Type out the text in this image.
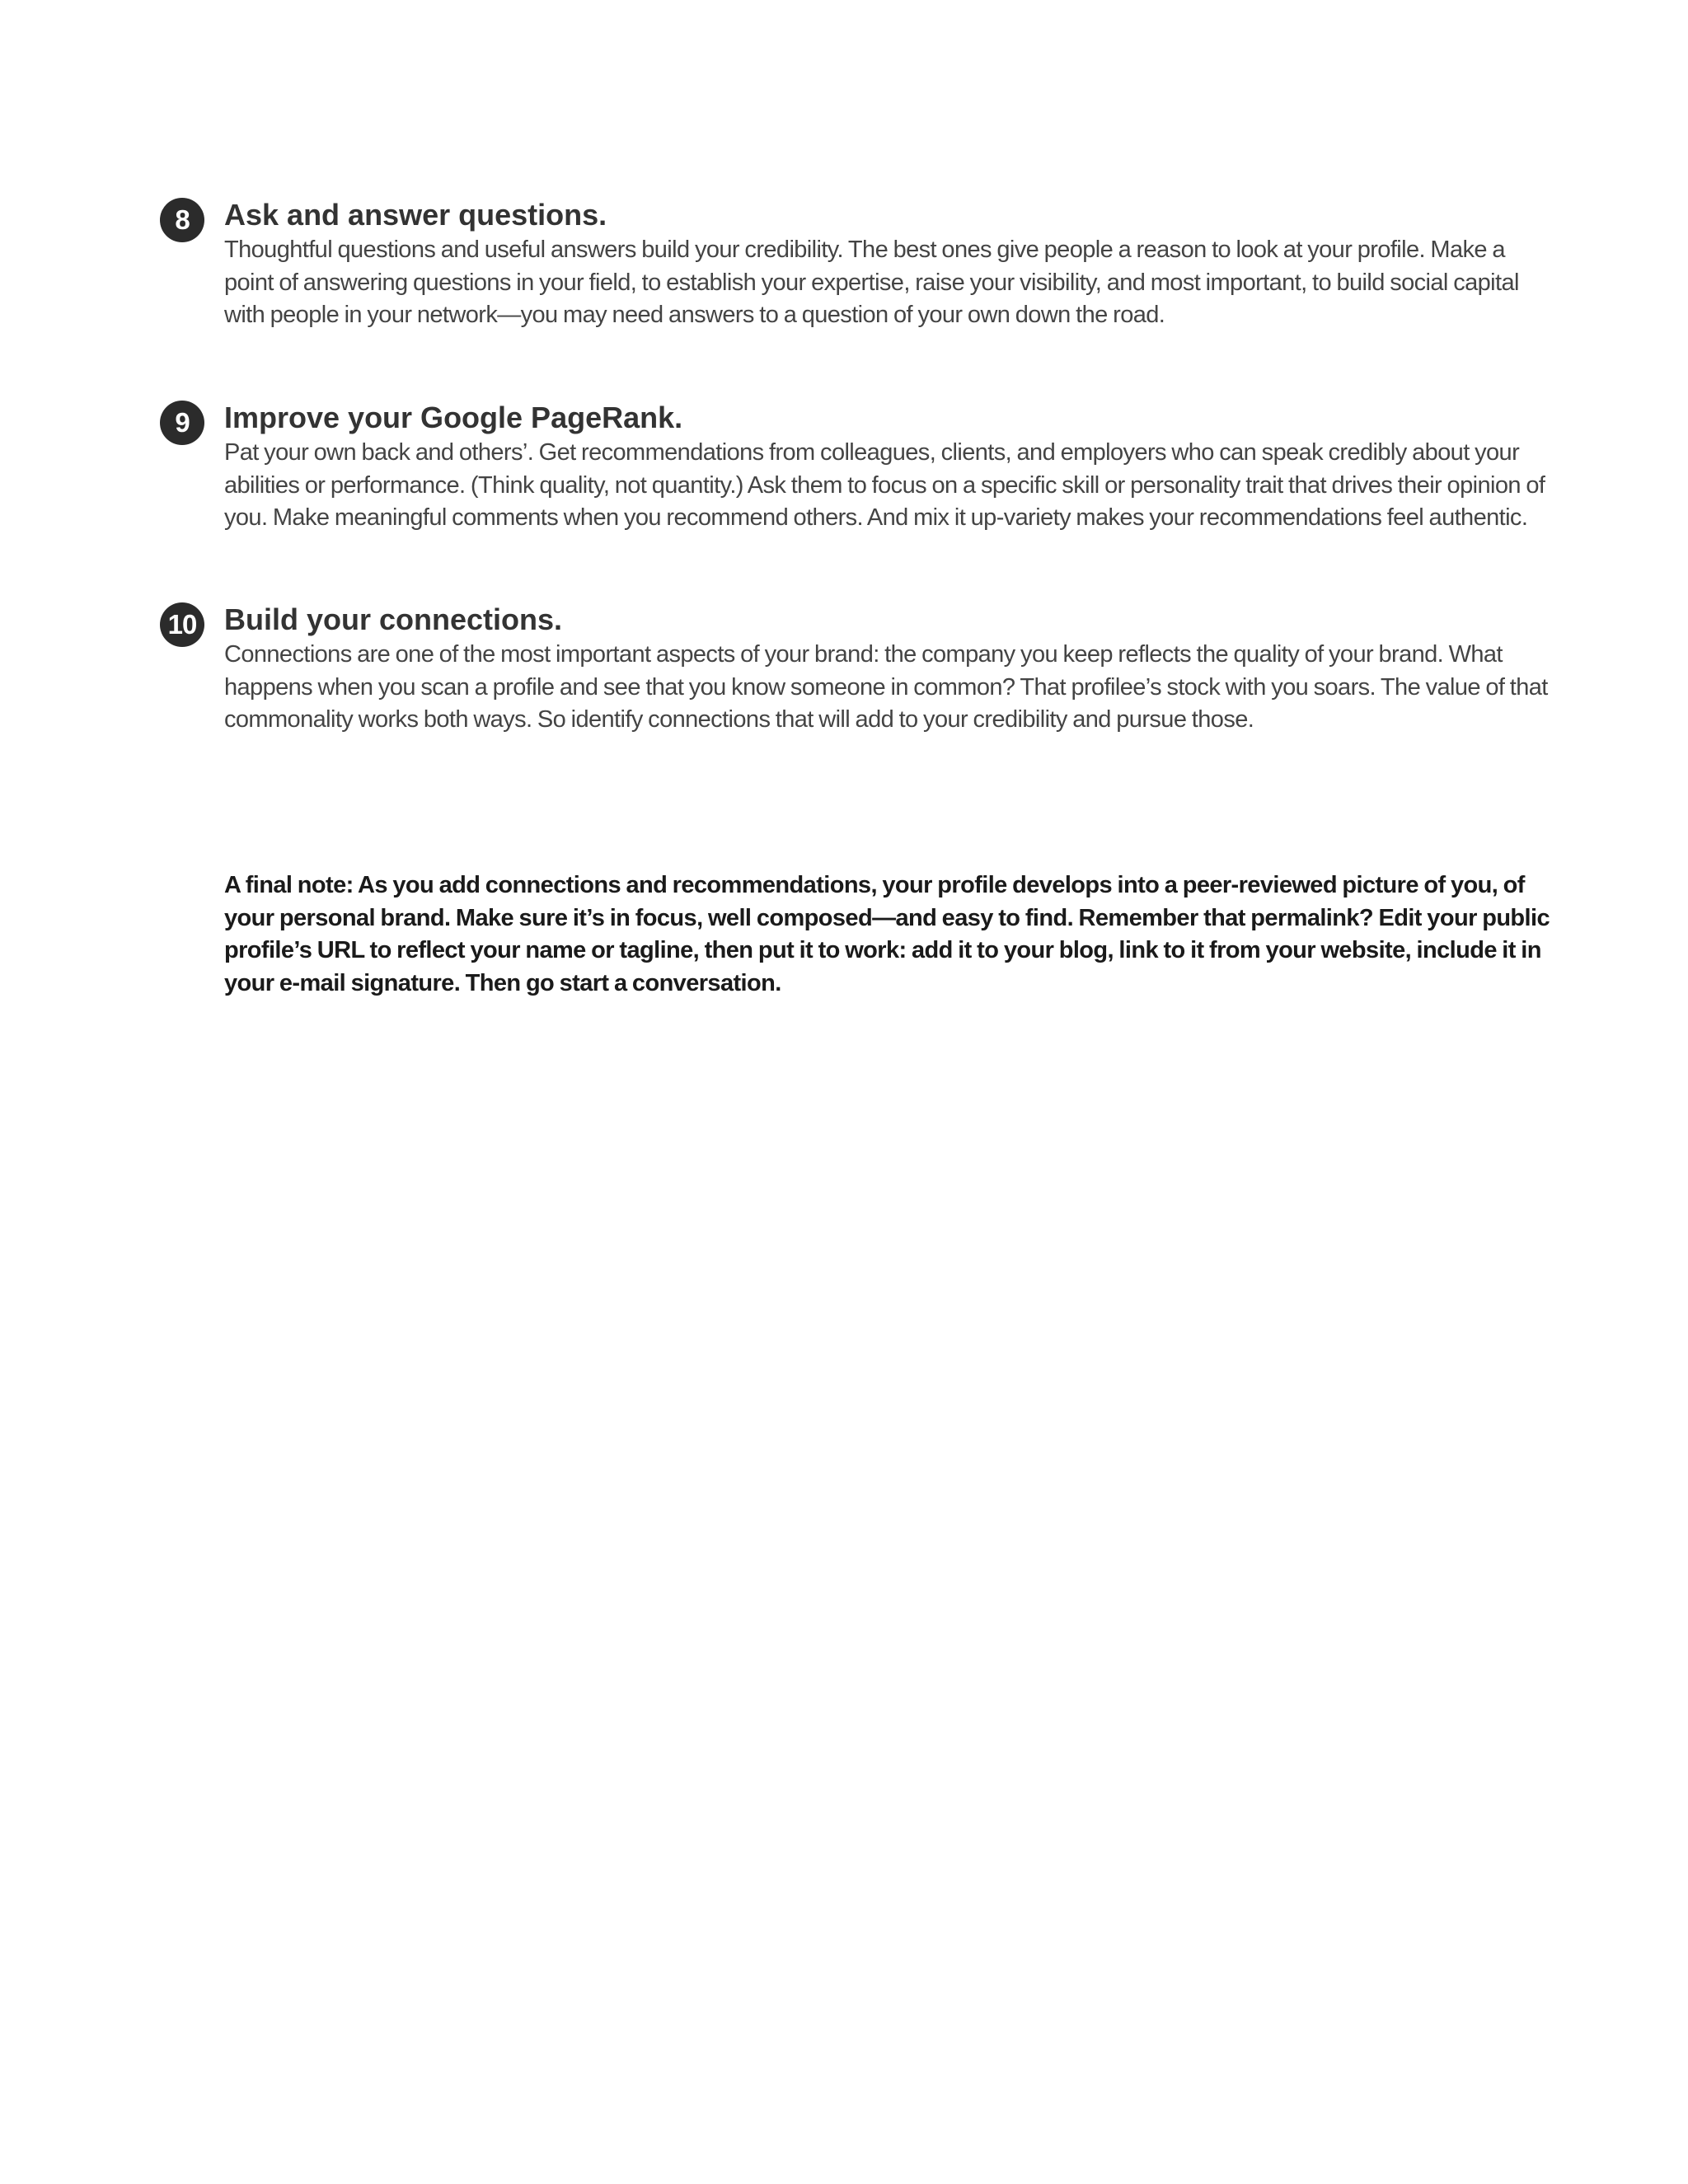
8	Ask and answer questions.

Thoughtful questions and useful answers build your credibility. The best ones give people a reason to look at your profile. Make a point of answering questions in your field, to establish your expertise, raise your visibility, and most important, to build social capital with people in your network—you may need answers to a question of your own down the road.

9	Improve your Google PageRank.

Pat your own back and others’. Get recommendations from colleagues, clients, and employers who can speak credibly about your abilities or performance. (Think quality, not quantity.) Ask them to focus on a specific skill or personality trait that drives their opinion of you. Make meaningful comments when you recommend others. And mix it up-variety makes your recommendations feel authentic.

10 Build your connections.

Connections are one of the most important aspects of your brand: the company you keep reflects the quality of your brand. What happens when you scan a profile and see that you know someone in common? That profilee’s stock with you soars. The value of that commonality works both ways. So identify connections that will add to your credibility and pursue those.

A final note: As you add connections and recommendations, your profile develops into a peer-reviewed picture of you, of your personal brand. Make sure it’s in focus, well composed—and easy to find. Remember that permalink? Edit your public profile’s URL to reflect your name or tagline, then put it to work: add it to your blog, link to it from your website, include it in your e-mail signature. Then go start a conversation.
